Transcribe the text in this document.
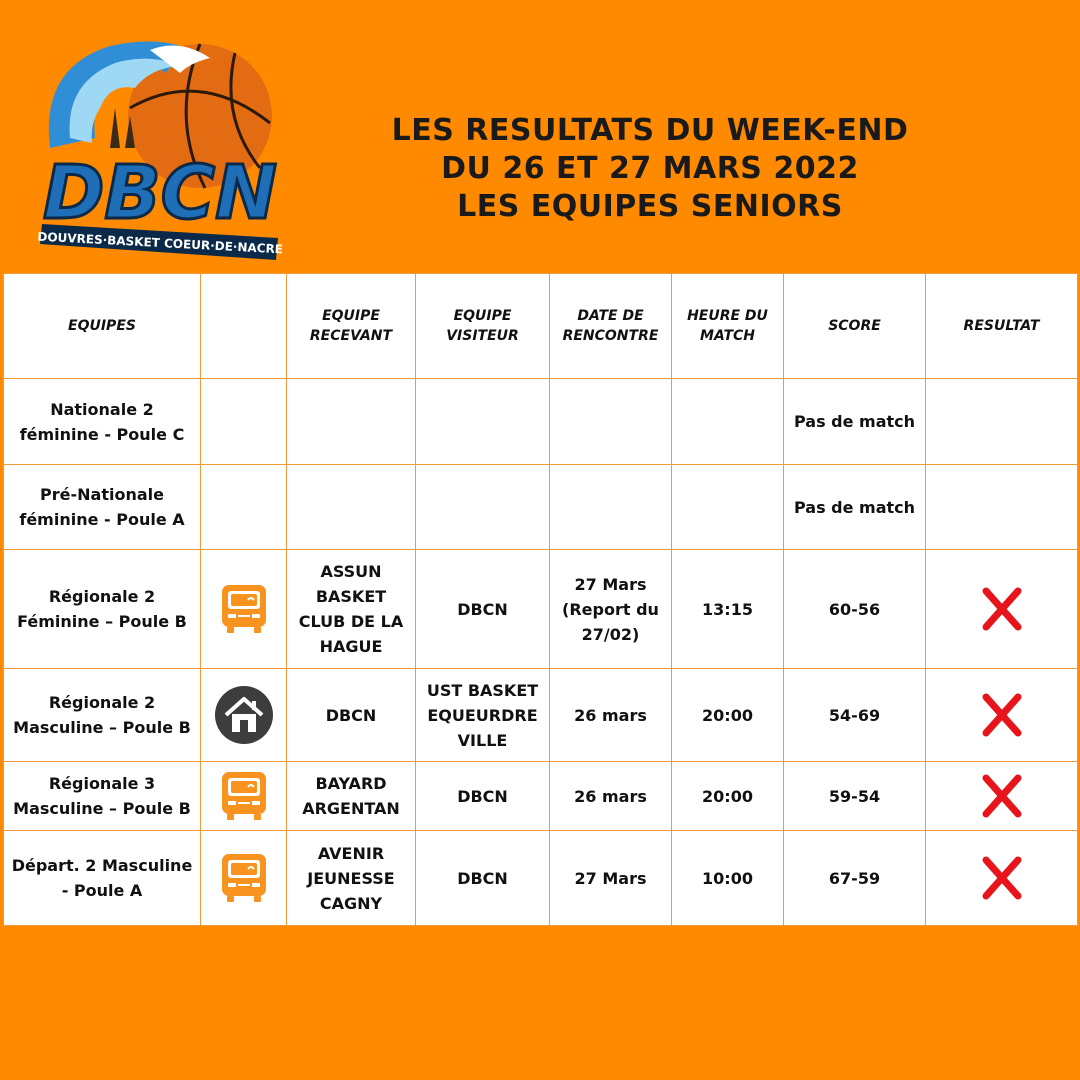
DBCN
DOUVRES·BASKET COEUR·DE·NACRE
LES RESULTATS DU WEEK-END
DU 26 ET 27 MARS 2022
LES EQUIPES SENIORS
EQUIPES		EQUIPE RECEVANT	EQUIPE VISITEUR	DATE DE RENCONTRE	HEURE DU MATCH	SCORE	RESULTAT
Nationale 2 féminine - Poule C						Pas de match	
Pré-Nationale féminine - Poule A						Pas de match	
Régionale 2 Féminine – Poule B		ASSUN BASKET CLUB DE LA HAGUE	DBCN	27 Mars (Report du 27/02)	13:15	60-56	

Régionale 2 Masculine – Poule B		DBCN	UST BASKET EQUEURDRE VILLE	26 mars	20:00	54-69	

Régionale 3 Masculine – Poule B		BAYARD ARGENTAN	DBCN	26 mars	20:00	59-54	

Départ. 2 Masculine - Poule A		AVENIR JEUNESSE CAGNY	DBCN	27 Mars	10:00	67-59	
